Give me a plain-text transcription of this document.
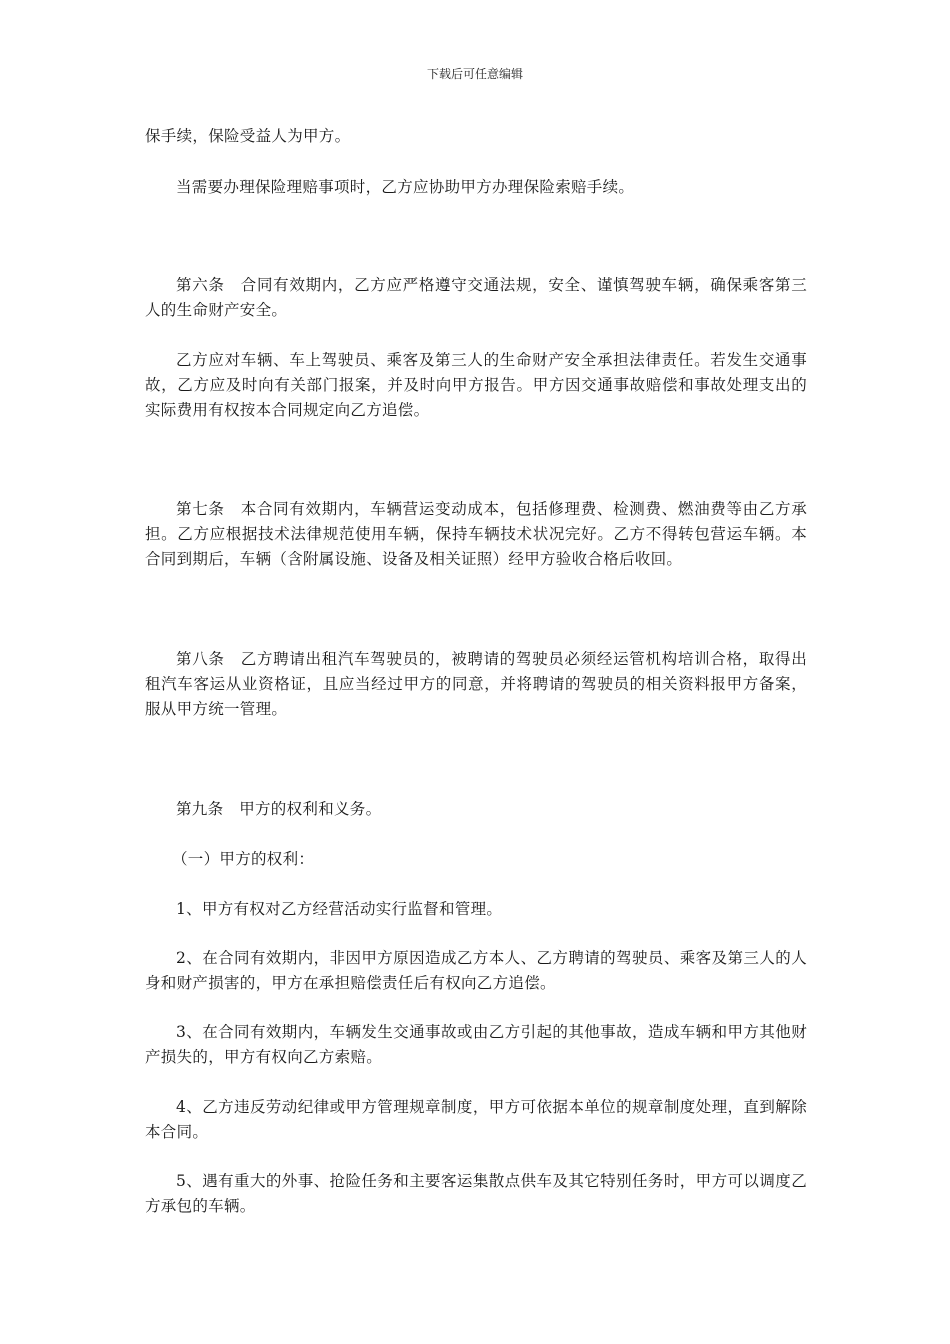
下载后可任意编辑

保手续，保险受益人为甲方。

当需要办理保险理赔事项时，乙方应协助甲方办理保险索赔手续。

第六条　合同有效期内，乙方应严格遵守交通法规，安全、谨慎驾驶车辆，确保乘客第三人的生命财产安全。

乙方应对车辆、车上驾驶员、乘客及第三人的生命财产安全承担法律责任。若发生交通事故，乙方应及时向有关部门报案，并及时向甲方报告。甲方因交通事故赔偿和事故处理支出的实际费用有权按本合同规定向乙方追偿。

第七条　本合同有效期内，车辆营运变动成本，包括修理费、检测费、燃油费等由乙方承担。乙方应根据技术法律规范使用车辆，保持车辆技术状况完好。乙方不得转包营运车辆。本合同到期后，车辆（含附属设施、设备及相关证照）经甲方验收合格后收回。

第八条　乙方聘请出租汽车驾驶员的，被聘请的驾驶员必须经运管机构培训合格，取得出租汽车客运从业资格证，且应当经过甲方的同意，并将聘请的驾驶员的相关资料报甲方备案，服从甲方统一管理。

第九条　甲方的权利和义务。

（一）甲方的权利：

1、甲方有权对乙方经营活动实行监督和管理。

2、在合同有效期内，非因甲方原因造成乙方本人、乙方聘请的驾驶员、乘客及第三人的人身和财产损害的，甲方在承担赔偿责任后有权向乙方追偿。

3、在合同有效期内，车辆发生交通事故或由乙方引起的其他事故，造成车辆和甲方其他财产损失的，甲方有权向乙方索赔。

4、乙方违反劳动纪律或甲方管理规章制度，甲方可依据本单位的规章制度处理，直到解除本合同。

5、遇有重大的外事、抢险任务和主要客运集散点供车及其它特别任务时，甲方可以调度乙方承包的车辆。
